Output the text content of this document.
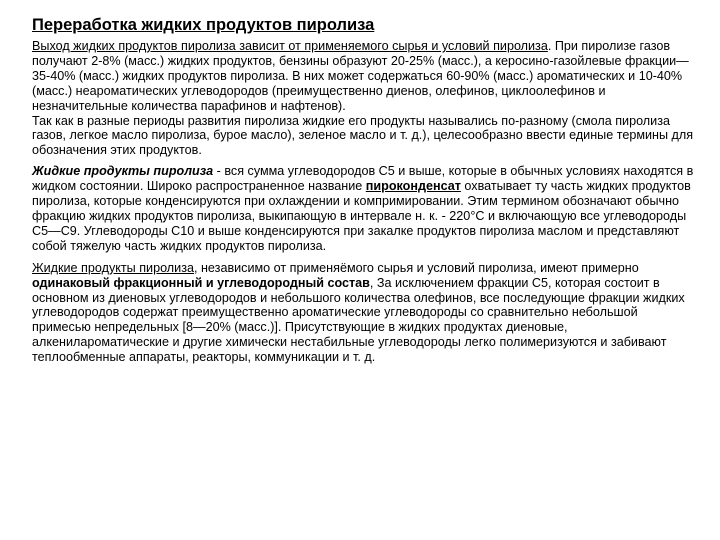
Переработка жидких продуктов пиролиза

Выход жидких продуктов пиролиза зависит от применяемого сырья и условий пиролиза. При пиролизе газов получают 2-8% (масс.) жидких продуктов, бензины образуют 20-25% (масс.), а керосино-газойлевые фракции— 35-40% (масс.) жидких продуктов пиролиза. В них может содержаться 60-90% (масс.) ароматических и 10-40% (масс.) неароматических углеводородов (преимущественно диенов, олефинов, циклоолефинов и незначительные количества парафинов и нафтенов).

Так как в разные периоды развития пиролиза жидкие его продукты назывались по-разному (смола пиролиза газов, легкое масло пиролиза, бурое масло), зеленое масло и т. д.), целесообразно ввести единые термины для обозначения этих продуктов.

Жидкие продукты пиролиза - вся сумма углеводородов С5 и выше, которые в обычных условиях находятся в жидком состоянии. Широко распространенное название пироконденсат охватывает ту часть жидких продуктов пиролиза, которые конденсируются при охлаждении и компримировании. Этим термином обозначают обычно фракцию жидких продуктов пиролиза, выкипающую в интервале н. к. - 220°С и включающую все углеводороды С5—С9. Углеводороды С10 и выше конденсируются при закалке продуктов пиролиза маслом и представляют собой тяжелую часть жидких продуктов пиролиза.

Жидкие продукты пиролиза, независимо от применяёмого сырья и условий пиролиза, имеют примерно одинаковый фракционный и углеводородный состав, За исключением фракции С5, которая состоит в основном из диеновых углеводородов и небольшого количества олефинов, все последующие фракции жидких углеводородов содержат преимущественно ароматические углеводороды со сравнительно небольшой примесью непредельных [8—20% (масс.)]. Присутствующие в жидких продуктах диеновые, алкенилароматические и другие химически нестабильные углеводороды легко полимеризуются и забивают теплообменные аппараты, реакторы, коммуникации и т. д.
